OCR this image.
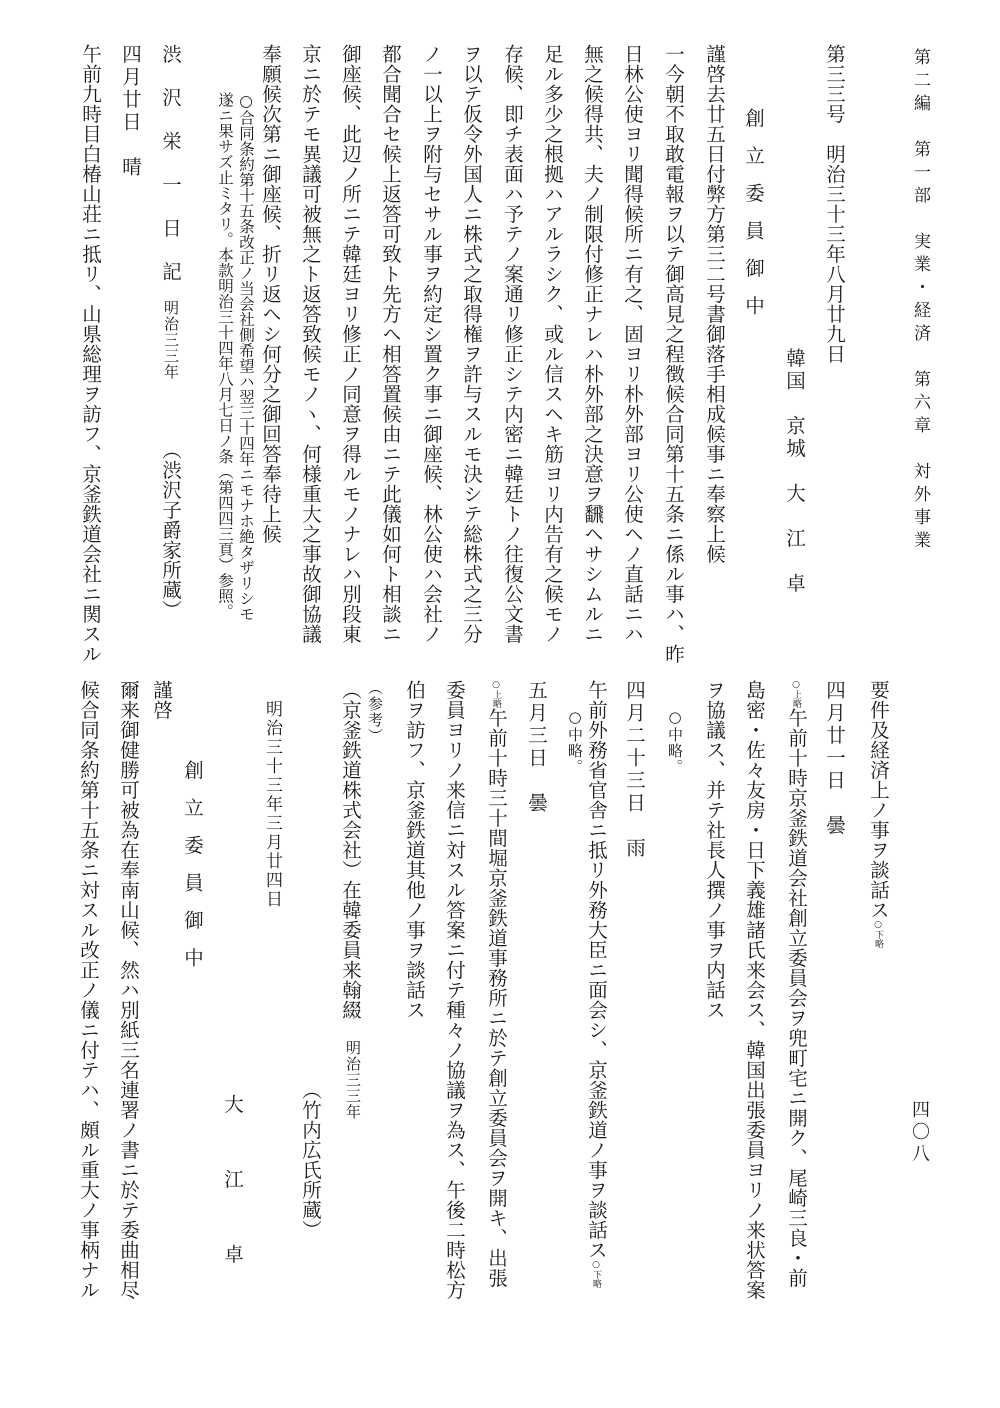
第二編　第一部　実業・経済　第六章　対外事業
四〇八
第三三号　明治三十三年八月廿九日
創立委員御中
韓国　京城　大　江　卓
謹啓去廿五日付弊方第三二号書御落手相成候事ニ奉察上候
一今朝不取敢電報ヲ以テ御高見之程徴候合同第十五条ニ係ル事ハ、昨
日林公使ヨリ聞得候所ニ有之、固ヨリ朴外部ヨリ公使ヘノ直話ニハ
無之候得共、夫ノ制限付修正ナレハ朴外部之決意ヲ飜ヘサシムルニ
足ル多少之根拠ハアルラシク、或ル信スヘキ筋ヨリ内告有之候モノ
存候、即チ表面ハ予テノ案通リ修正シテ内密ニ韓廷トノ往復公文書
ヲ以テ仮令外国人ニ株式之取得権ヲ許与スルモ決シテ総株式之三分
ノ一以上ヲ附与セサル事ヲ約定シ置ク事ニ御座候、林公使ハ会社ノ
都合聞合セ候上返答可致ト先方ヘ相答置候由ニテ此儀如何ト相談ニ
御座候、此辺ノ所ニテ韓廷ヨリ修正ノ同意ヲ得ルモノナレハ別段東
京ニ於テモ異議可被無之ト返答致候モノヽ、何様重大之事故御協議
奉願候次第ニ御座候、折リ返ヘシ何分之御回答奉待上候
○合同条約第十五条改正ノ当会社側希望ハ翌三十四年ニモナホ絶タザリシモ
遂ニ果サズ止ミタリ。本款明治三十四年八月七日ノ条（第四四三頁）参照。
渋沢栄一日記
明治三三年
（渋沢子爵家所蔵）
四月廿日　晴
午前九時目白椿山荘ニ抵リ、山県総理ヲ訪フ、京釜鉄道会社ニ関スル
要件及経済上ノ事ヲ談話ス○下略
四月廿一日　曇
○上略午前十時京釜鉄道会社創立委員会ヲ兜町宅ニ開ク、尾崎三良・前
島密・佐々友房・日下義雄諸氏来会ス、韓国出張委員ヨリノ来状答案
ヲ協議ス、并テ社長人撰ノ事ヲ内話ス
○中略。
四月二十三日　雨
午前外務省官舎ニ抵リ外務大臣ニ面会シ、京釜鉄道ノ事ヲ談話ス○下略
○中略。
五月三日　曇
○上略午前十時三十間堀京釜鉄道事務所ニ於テ創立委員会ヲ開キ、出張
委員ヨリノ来信ニ対スル答案ニ付テ種々ノ協議ヲ為ス、午後二時松方
伯ヲ訪フ、京釜鉄道其他ノ事ヲ談話ス
（参考）
（京釜鉄道株式会社）在韓委員来翰綴
明治三三年
（竹内広氏所蔵）
明治三十三年三月廿四日
大　江　卓
創立委員御中
謹啓
爾来御健勝可被為在奉南山候、然ハ別紙三名連署ノ書ニ於テ委曲相尽
候合同条約第十五条ニ対スル改正ノ儀ニ付テハ、頗ル重大ノ事柄ナル
